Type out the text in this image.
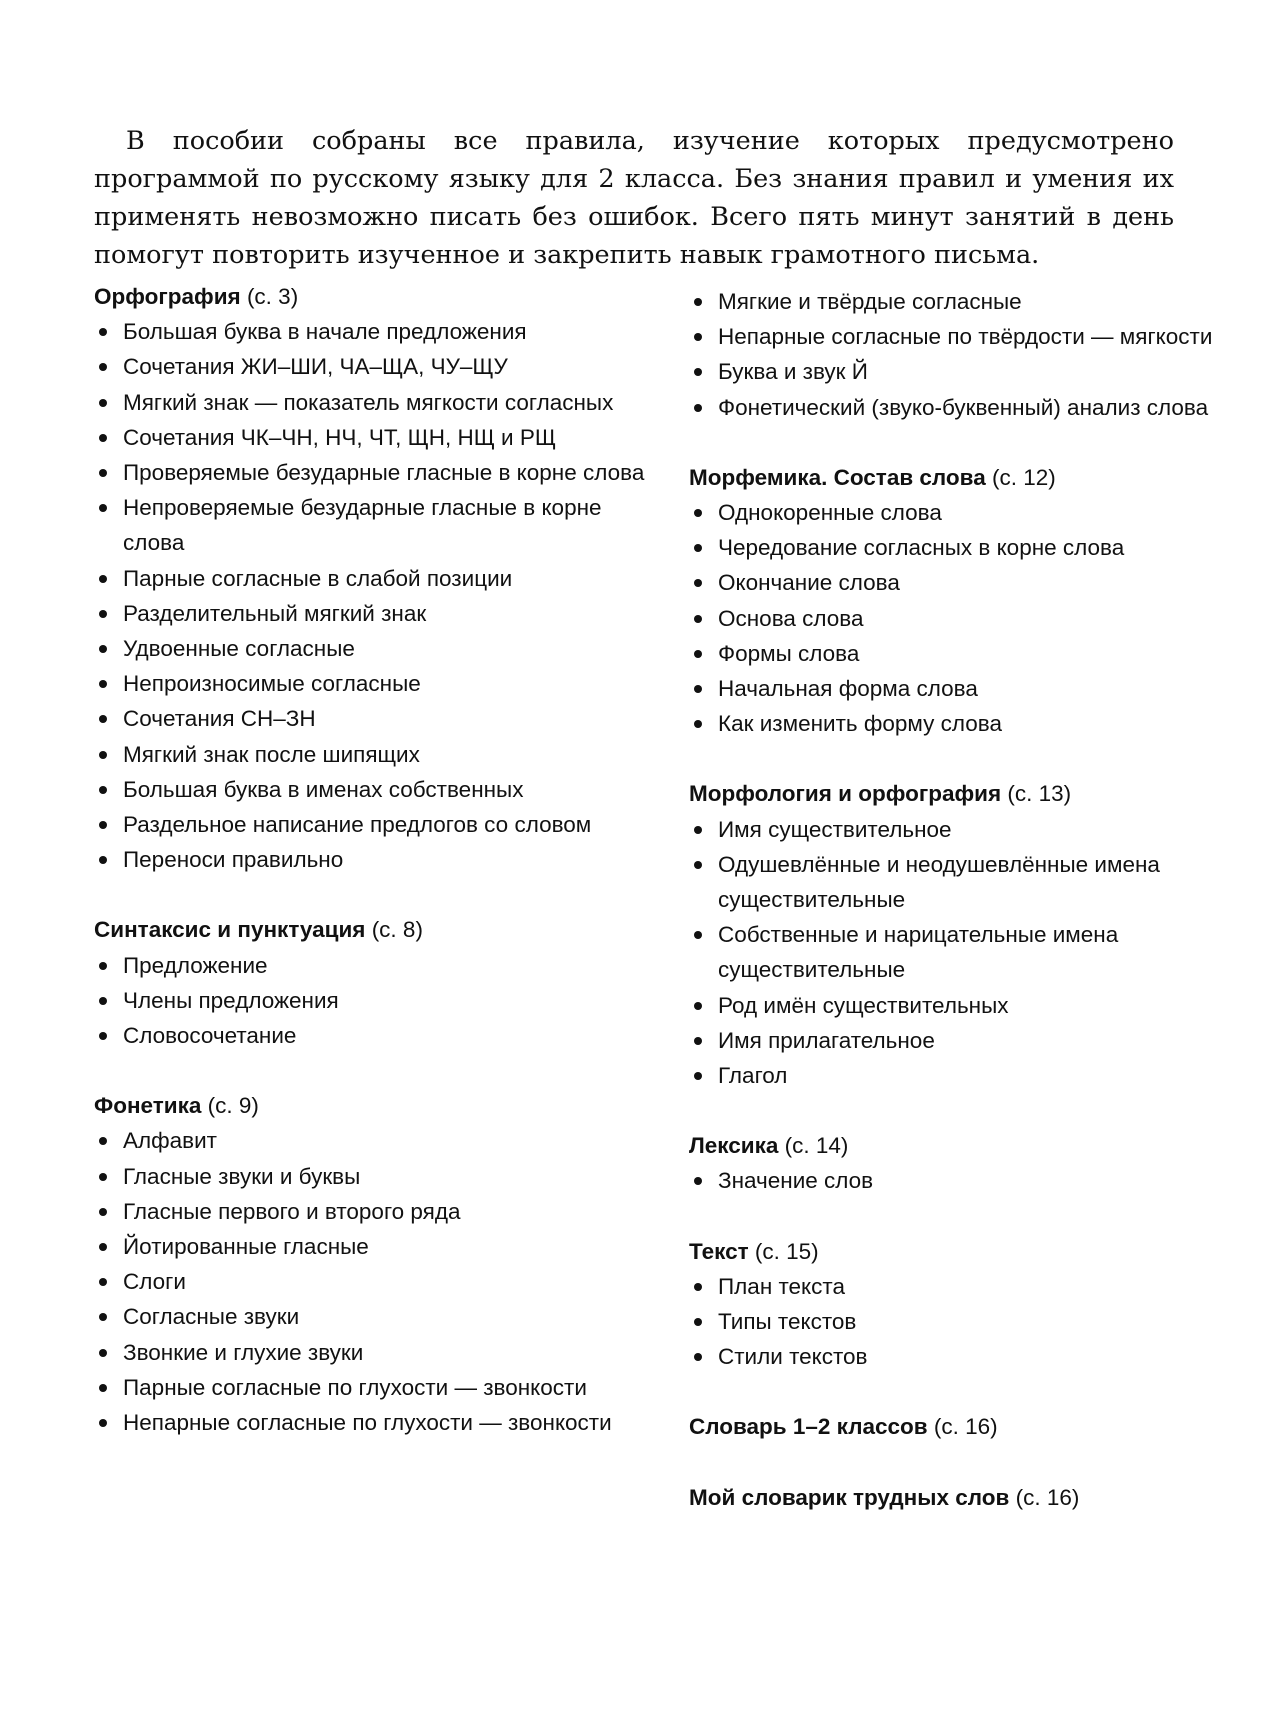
В пособии собраны все правила, изучение которых предусмотрено программой по русскому языку для 2 класса. Без знания правил и умения их применять невозможно писать без ошибок. Всего пять минут занятий в день помогут повторить изученное и закрепить навык грамотного письма.

Орфография (с. 3)

Большая буква в начале предложения
Сочетания ЖИ–ШИ, ЧА–ЩА, ЧУ–ЩУ
Мягкий знак — показатель мягкости согласных
Сочетания ЧК–ЧН, НЧ, ЧТ, ЩН, НЩ и РЩ
Проверяемые безударные гласные в корне слова
Непроверяемые безударные гласные в корне слова
Парные согласные в слабой позиции
Разделительный мягкий знак
Удвоенные согласные
Непроизносимые согласные
Сочетания СН–ЗН
Мягкий знак после шипящих
Большая буква в именах собственных
Раздельное написание предлогов со словом
Переноси правильно

Синтаксис и пунктуация (с. 8)

Предложение
Члены предложения
Словосочетание

Фонетика (с. 9)

Алфавит
Гласные звуки и буквы
Гласные первого и второго ряда
Йотированные гласные
Слоги
Согласные звуки
Звонкие и глухие звуки
Парные согласные по глухости — звонкости
Непарные согласные по глухости — звонкости
Мягкие и твёрдые согласные
Непарные согласные по твёрдости — мягкости
Буква и звук Й
Фонетический (звуко-буквенный) анализ слова

Морфемика. Состав слова (с. 12)

Однокоренные слова
Чередование согласных в корне слова
Окончание слова
Основа слова
Формы слова
Начальная форма слова
Как изменить форму слова

Морфология и орфография (с. 13)

Имя существительное
Одушевлённые и неодушевлённые имена существительные
Собственные и нарицательные имена существительные
Род имён существительных
Имя прилагательное
Глагол

Лексика (с. 14)

Значение слов

Текст (с. 15)

План текста
Типы текстов
Стили текстов

Словарь 1–2 классов (с. 16)

Мой словарик трудных слов (с. 16)
